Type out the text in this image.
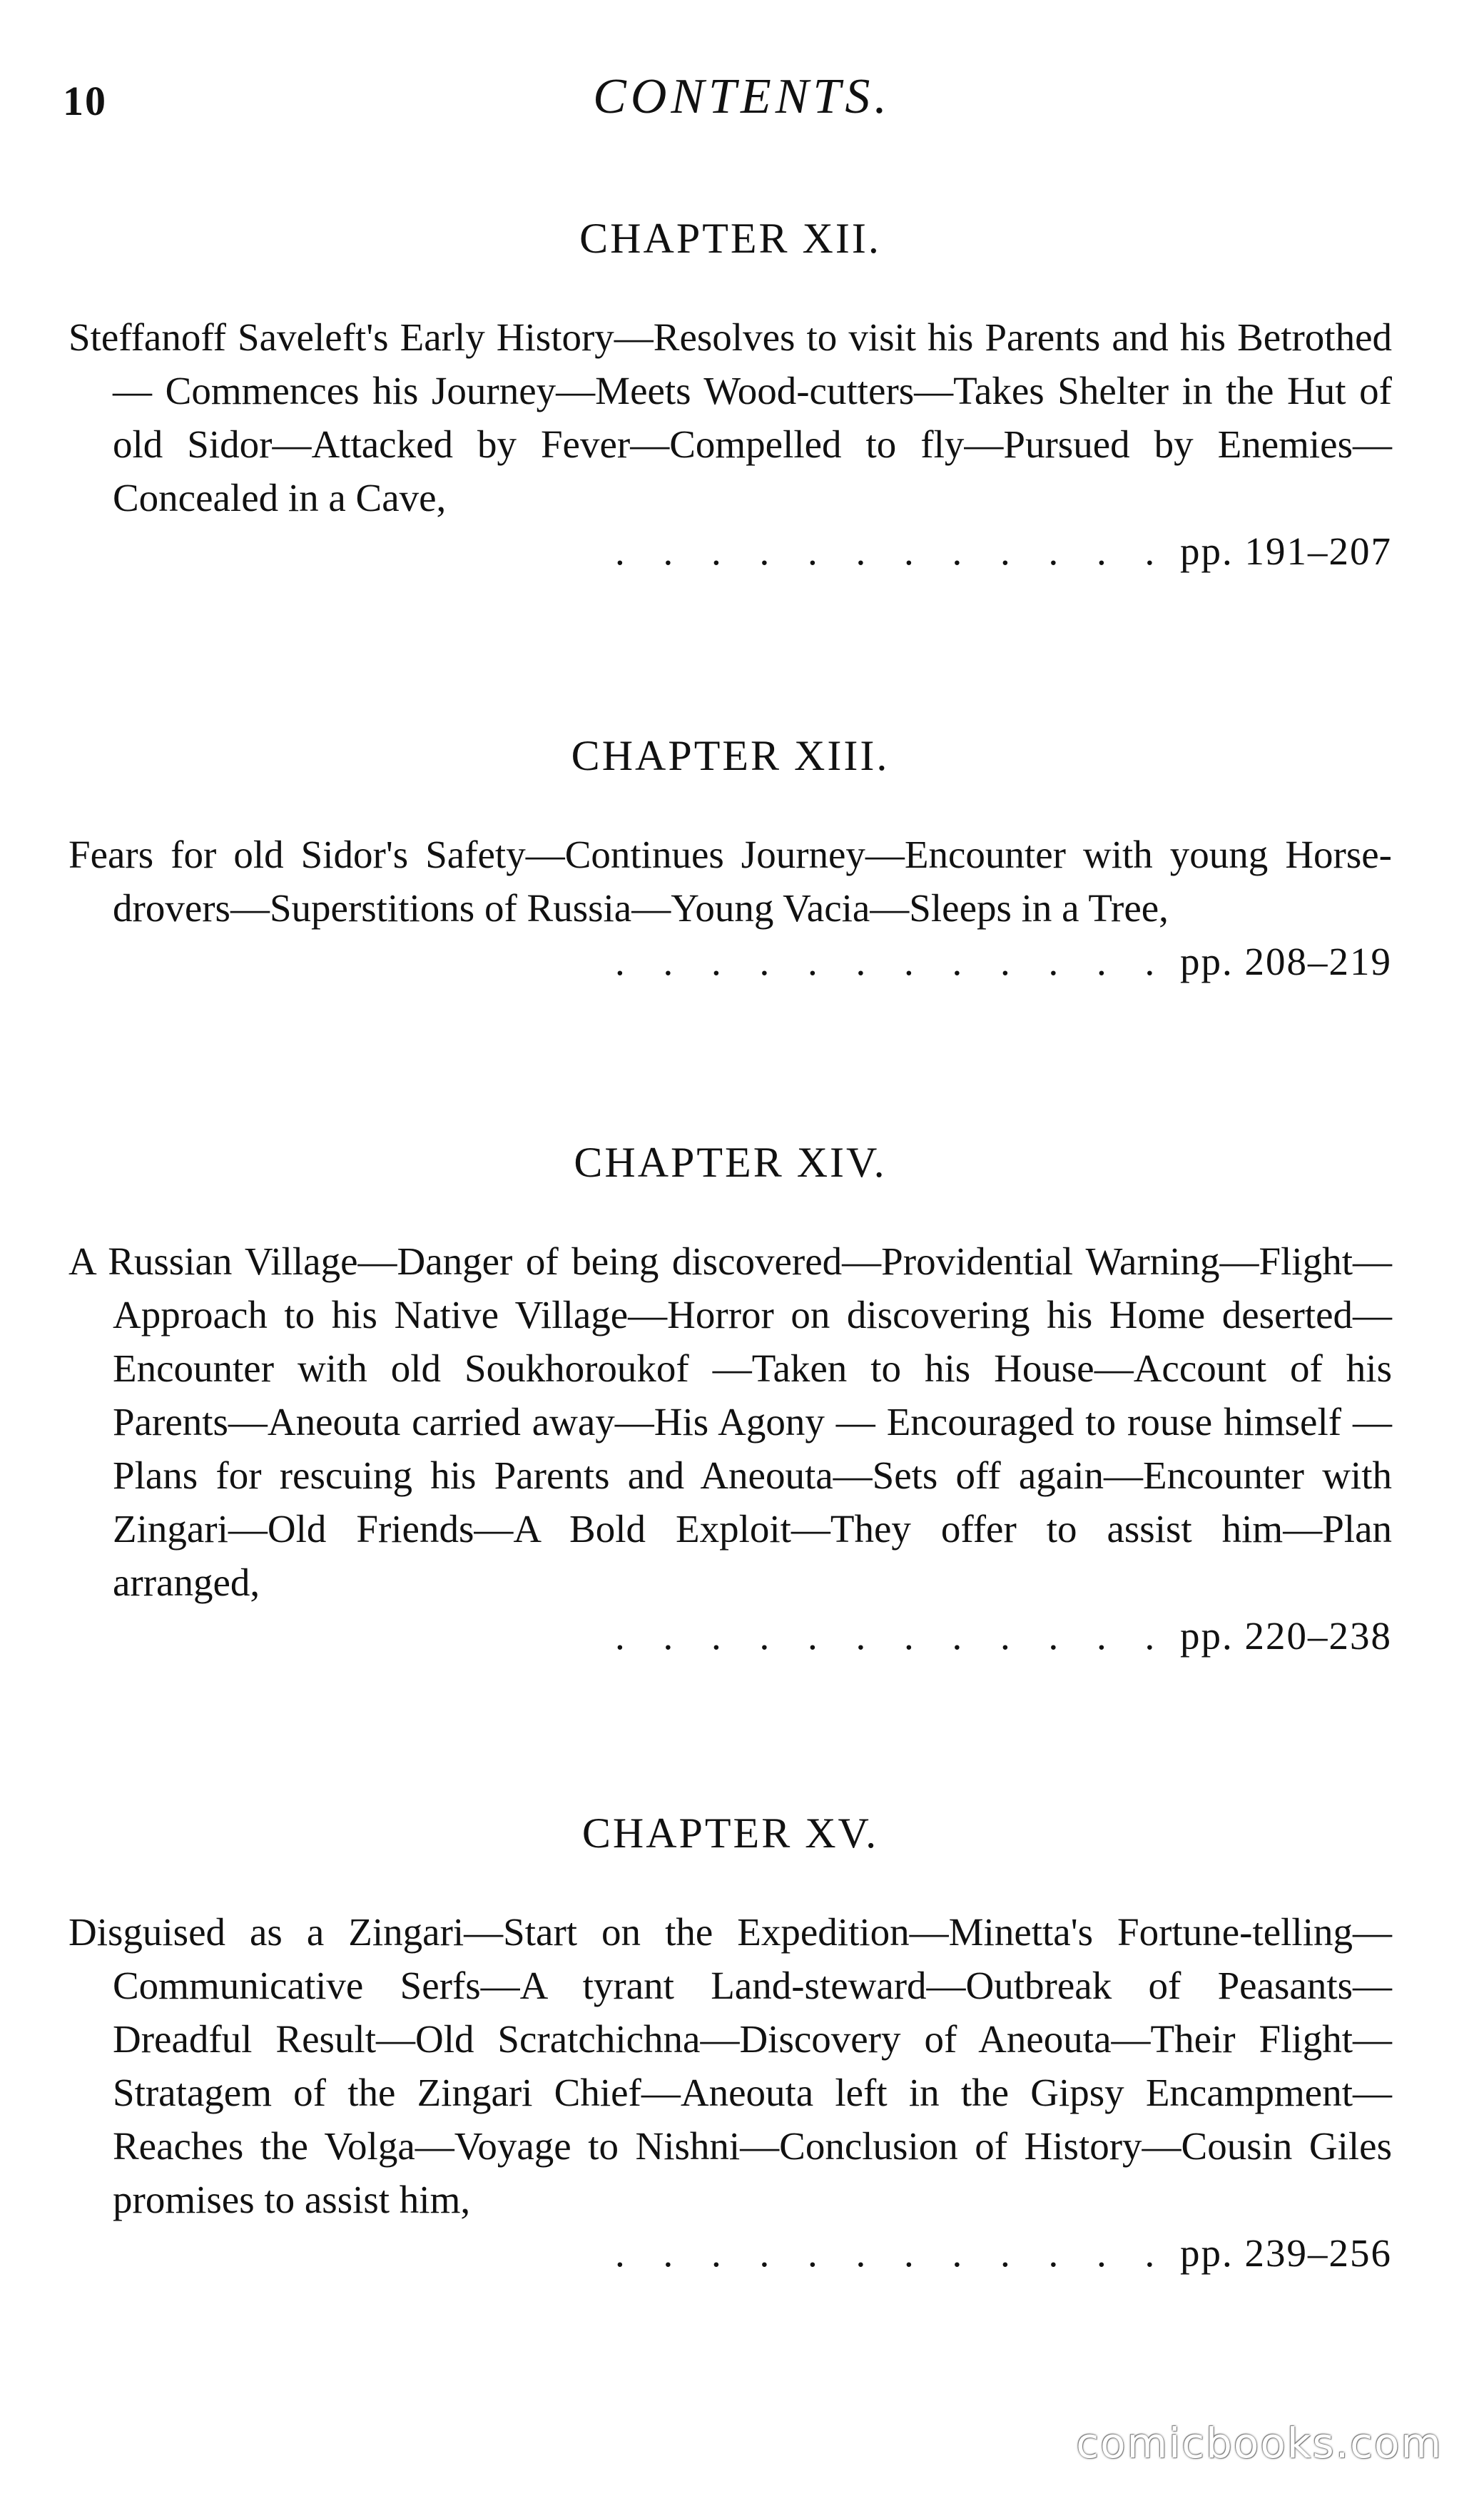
10	CONTENTS.
CHAPTER XII.
Steffanoff Saveleft's Early History—Resolves to visit his Parents and his Betrothed — Commences his Journey—Meets Wood-cutters—Takes Shelter in the Hut of old Sidor—Attacked by Fever—Compelled to fly—Pursued by Enemies—Concealed in a Cave,
. . . . . . . . . . . . pp. 191–207
CHAPTER XIII.
Fears for old Sidor's Safety—Continues Journey—Encounter with young Horse-drovers—Superstitions of Russia—Young Vacia—Sleeps in a Tree,
. . . . . . . . . . . . pp. 208–219
CHAPTER XIV.
A Russian Village—Danger of being discovered—Providential Warning—Flight—Approach to his Native Village—Horror on discovering his Home deserted—Encounter with old Soukhoroukof —Taken to his House—Account of his Parents—Aneouta carried away—His Agony — Encouraged to rouse himself — Plans for rescuing his Parents and Aneouta—Sets off again—Encounter with Zingari—Old Friends—A Bold Exploit—They offer to assist him—Plan arranged,
. . . . . . . . . . . . pp. 220–238
CHAPTER XV.
Disguised as a Zingari—Start on the Expedition—Minetta's Fortune-telling—Communicative Serfs—A tyrant Land-steward—Outbreak of Peasants—Dreadful Result—Old Scratchichna—Discovery of Aneouta—Their Flight—Stratagem of the Zingari Chief—Aneouta left in the Gipsy Encampment—Reaches the Volga—Voyage to Nishni—Conclusion of History—Cousin Giles promises to assist him,
. . . . . . . . . . . . pp. 239–256
comicbooks.com
